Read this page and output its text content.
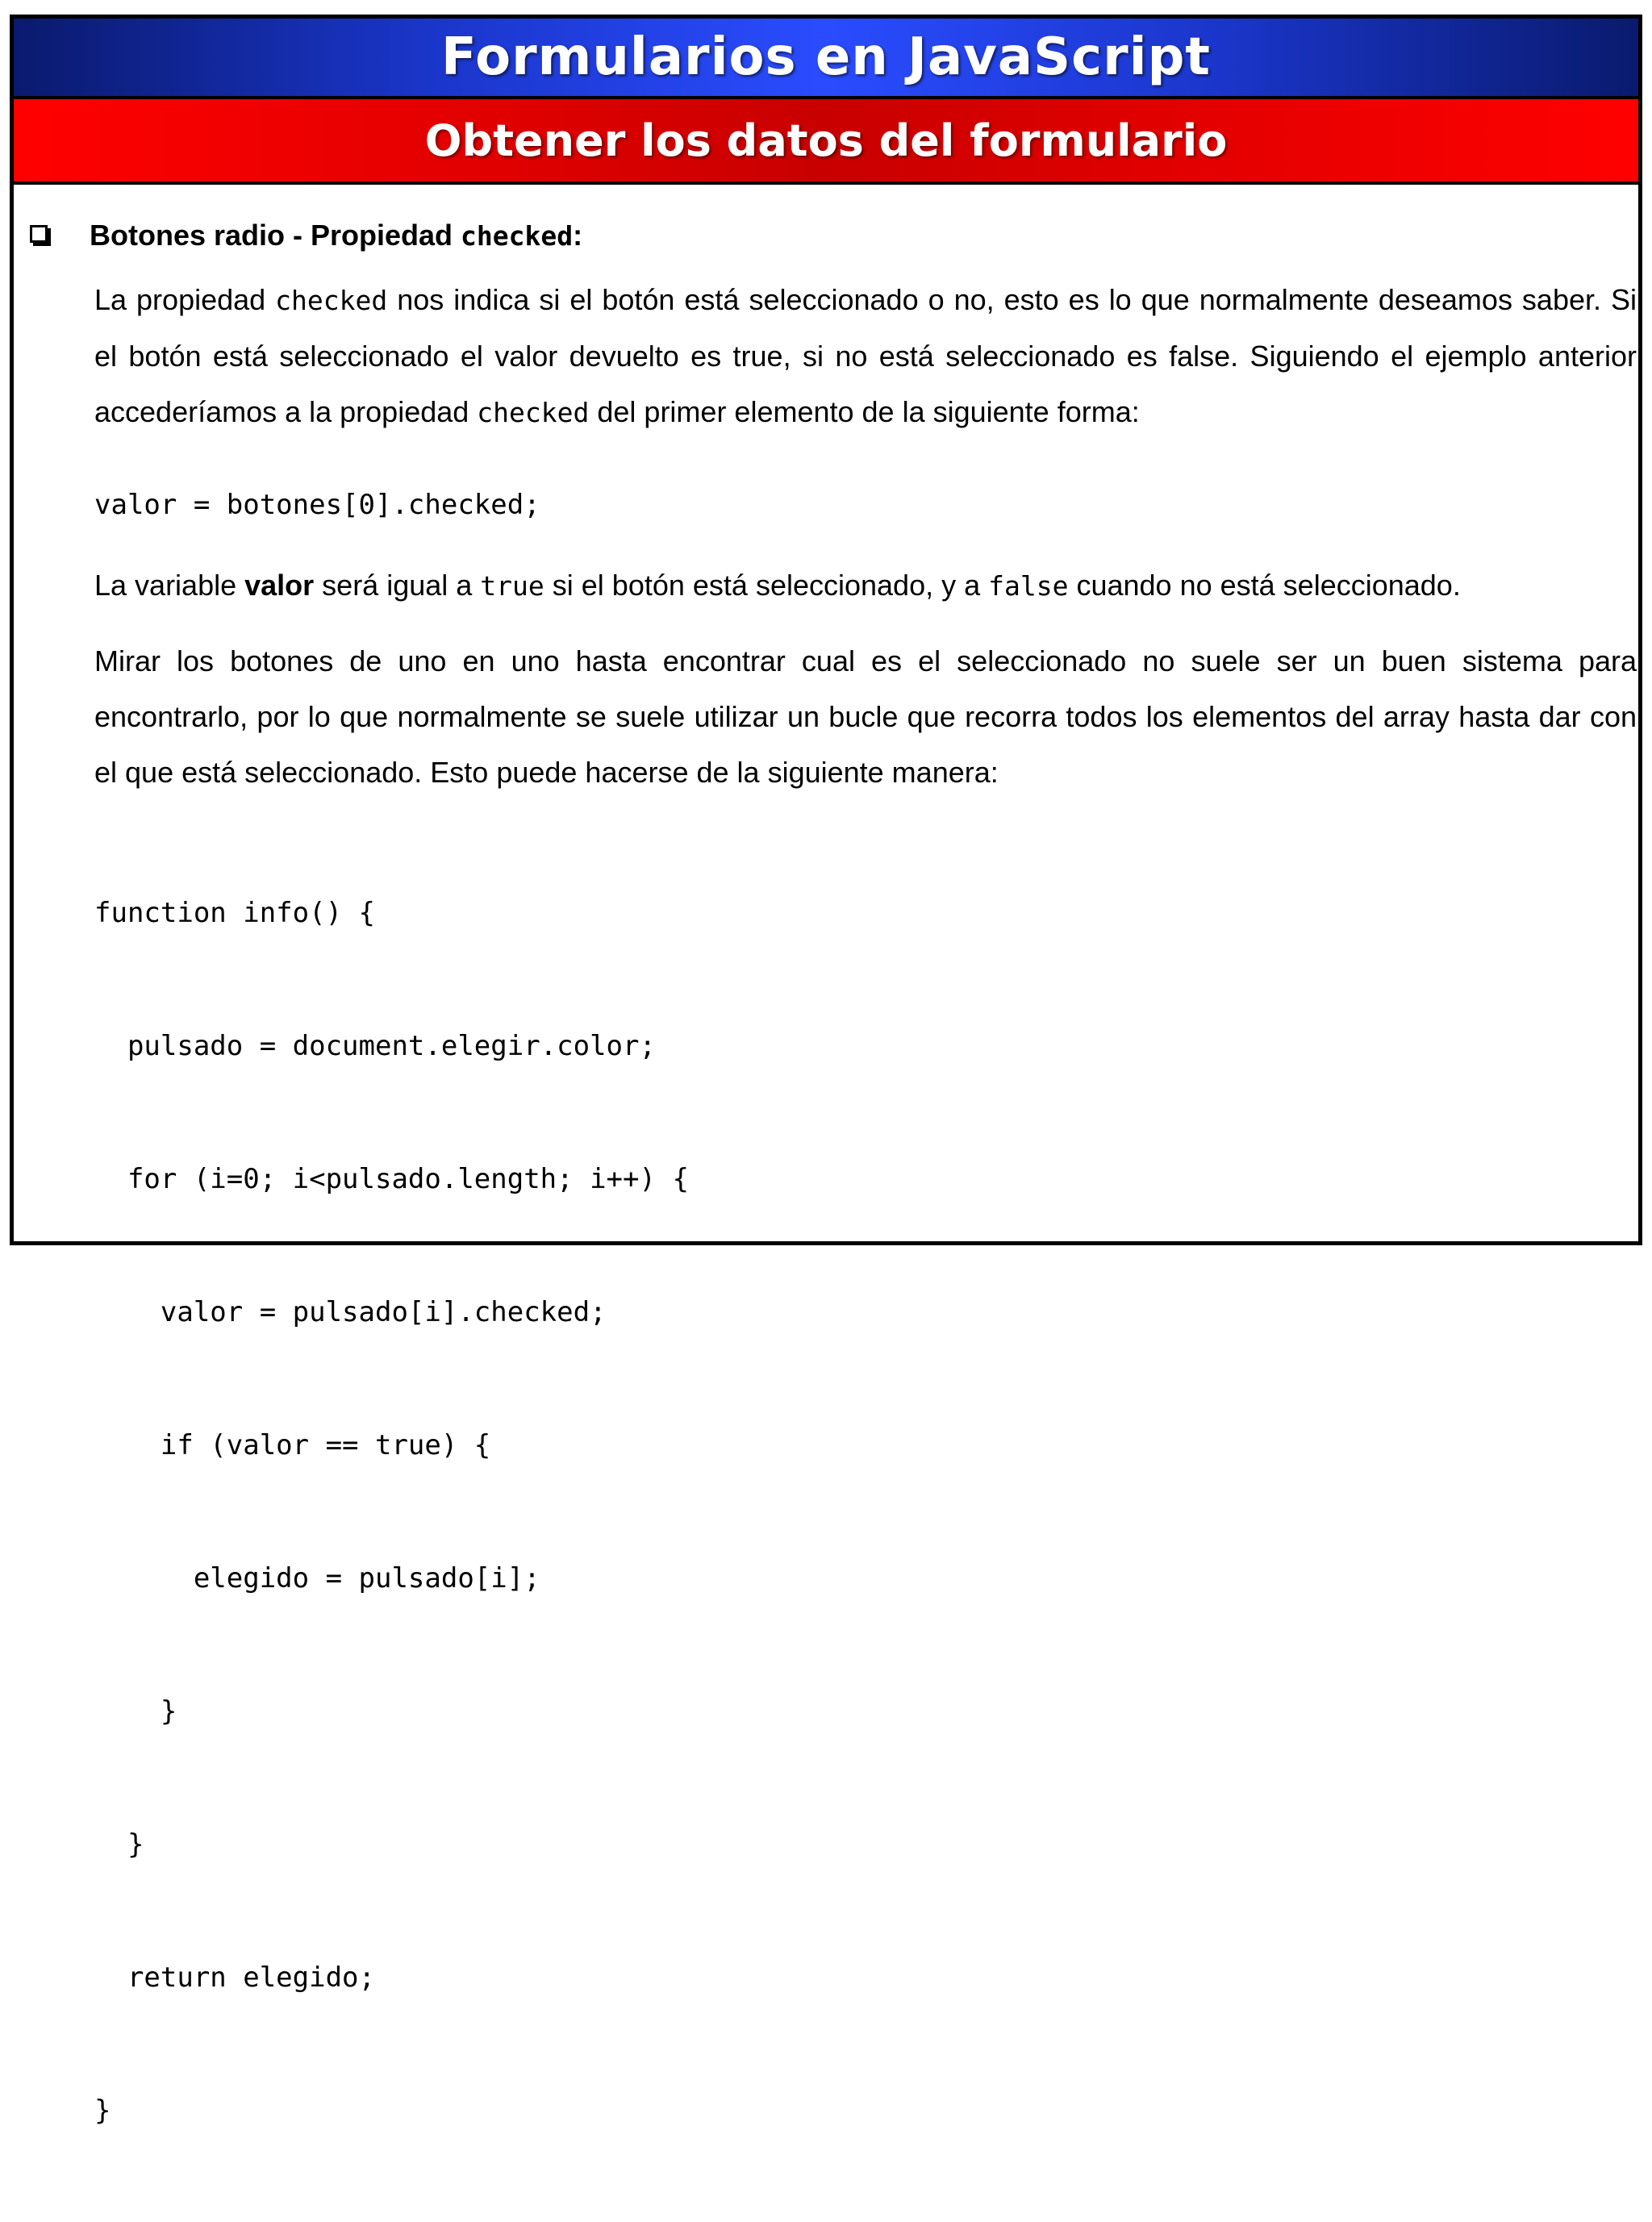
Formularios en JavaScript
Obtener los datos del formulario
Botones radio - Propiedad checked:
La propiedad checked nos indica si el botón está seleccionado o no, esto es lo que normalmente deseamos saber. Si el botón está seleccionado el valor devuelto es true, si no está seleccionado es false. Siguiendo el ejemplo anterior accederíamos a la propiedad checked del primer elemento de la siguiente forma:
valor = botones[0].checked;
La variable valor será igual a true si el botón está seleccionado, y a false cuando no está seleccionado.
Mirar los botones de uno en uno hasta encontrar cual es el seleccionado no suele ser un buen sistema para encontrarlo, por lo que normalmente se suele utilizar un bucle que recorra todos los elementos del array hasta dar con el que está seleccionado. Esto puede hacerse de la siguiente manera:

function info() {

pulsado = document.elegir.color;

for (i=0; i<pulsado.length; i++) {

valor = pulsado[i].checked;

if (valor == true) {

elegido = pulsado[i];

}

}

return elegido;

}
